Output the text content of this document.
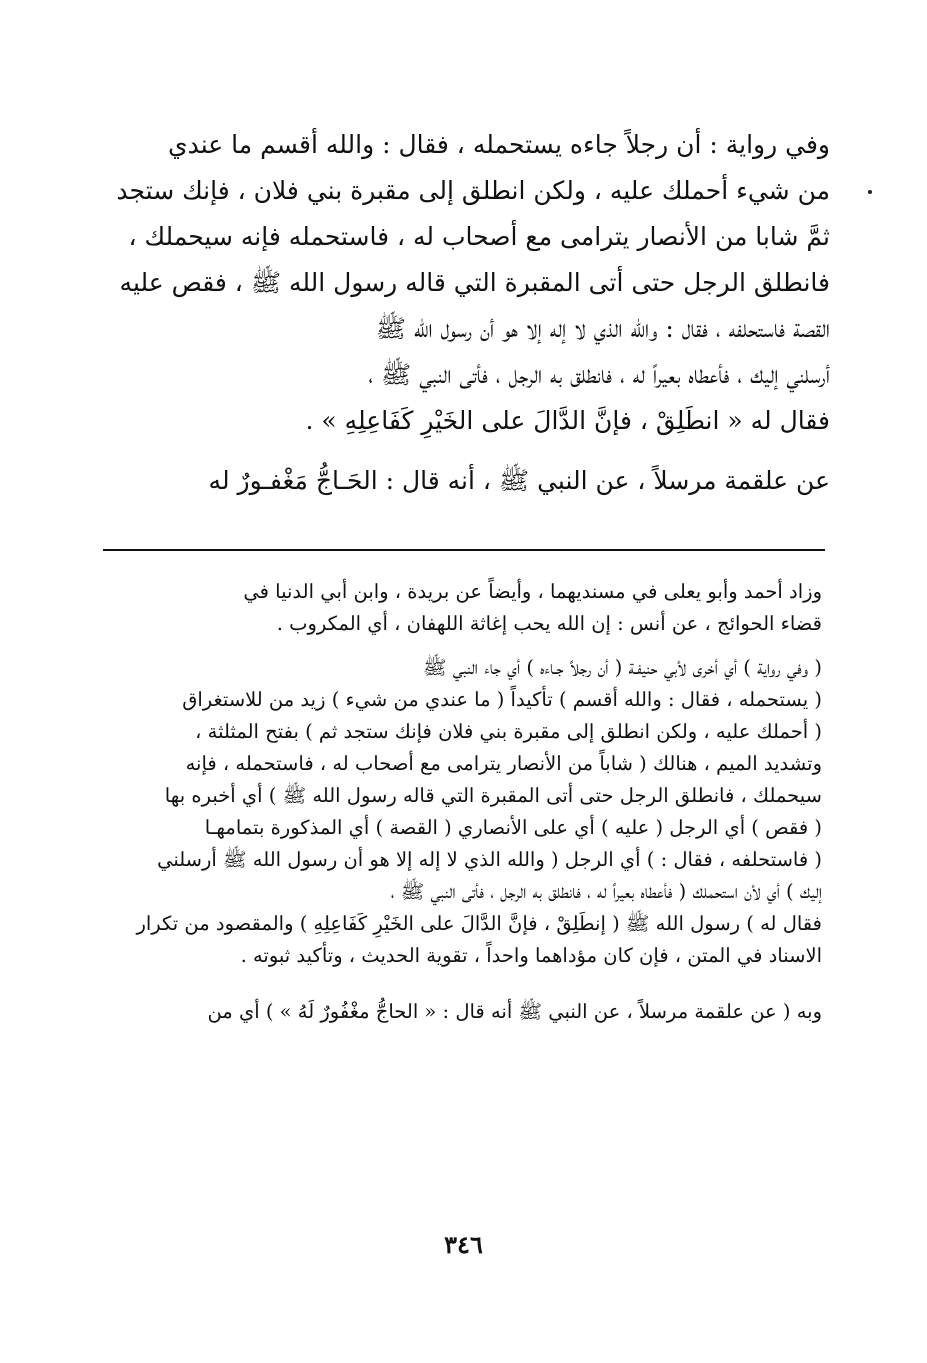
وفي رواية : أن رجلاً جاءه يستحمله ، فقال : والله أقسم ما عندي
من شيء أحملك عليه ، ولكن انطلق إلى مقبرة بني فلان ، فإنك ستجد
ثمَّ شابا من الأنصار يترامى مع أصحاب له ، فاستحمله فإنه سيحملك ،
فانطلق الرجل حتى أتى المقبرة التي قاله رسول الله ﷺ ، فقص عليه
القصة فاستحلفه ، فقال : والله الذي لا إله إلا هو أن رسول الله ﷺ
أرسلني إليك ، فأعطاه بعيراً له ، فانطلق به الرجل ، فأتى النبي ﷺ ،
فقال له « انطَلِقْ ، فإنَّ الدَّالَ على الخَيْرِ كَفَاعِلِهِ » .
عن علقمة مرسلاً ، عن النبي ﷺ ، أنه قال : الحَـاجُّ مَغْفـورٌ له
وزاد أحمد وأبو يعلى في مسنديهما ، وأيضاً عن بريدة ، وابن أبي الدنيا في
قضاء الحوائج ، عن أنس : إن الله يحب إغاثة اللهفان ، أي المكروب .
( وفي رواية ) أي أخرى لأبي حنيفـة ( أن رجلاً جـاءه ) أي جاء النبي ﷺ
( يستحمله ، فقال : والله أقسم ) تأكيداً ( ما عندي من شيء ) زيد من للاستغراق
( أحملك عليه ، ولكن انطلق إلى مقبرة بني فلان فإنك ستجد ثم ) بفتح المثلثة ،
وتشديد الميم ، هنالك ( شاباً من الأنصار يترامى مع أصحاب له ، فاستحمله ، فإنه
سيحملك ، فانطلق الرجل حتى أتى المقبرة التي قاله رسول الله ﷺ ) أي أخبره بها
( فقص ) أي الرجل ( عليه ) أي على الأنصاري ( القصة ) أي المذكورة بتمامهـا
( فاستحلفه ، فقال : ) أي الرجل ( والله الذي لا إله إلا هو أن رسول الله ﷺ أرسلني
إليك ) أي لأن استحملك ( فأعطاه بعيراً له ، فانطلق به الرجل ، فأتى النبي ﷺ ،
فقال له ) رسول الله ﷺ ( إنطَلِقْ ، فإنَّ الدَّالَ على الخَيْرِ كَفَاعِلِهِ ) والمقصود من تكرار
الاسناد في المتن ، فإن كان مؤداهما واحداً ، تقوية الحديث ، وتأكيد ثبوته .
وبه ( عن علقمة مرسلاً ، عن النبي ﷺ أنه قال : « الحاجُّ مغْفُورٌ لَهُ » ) أي من
٣٤٦
